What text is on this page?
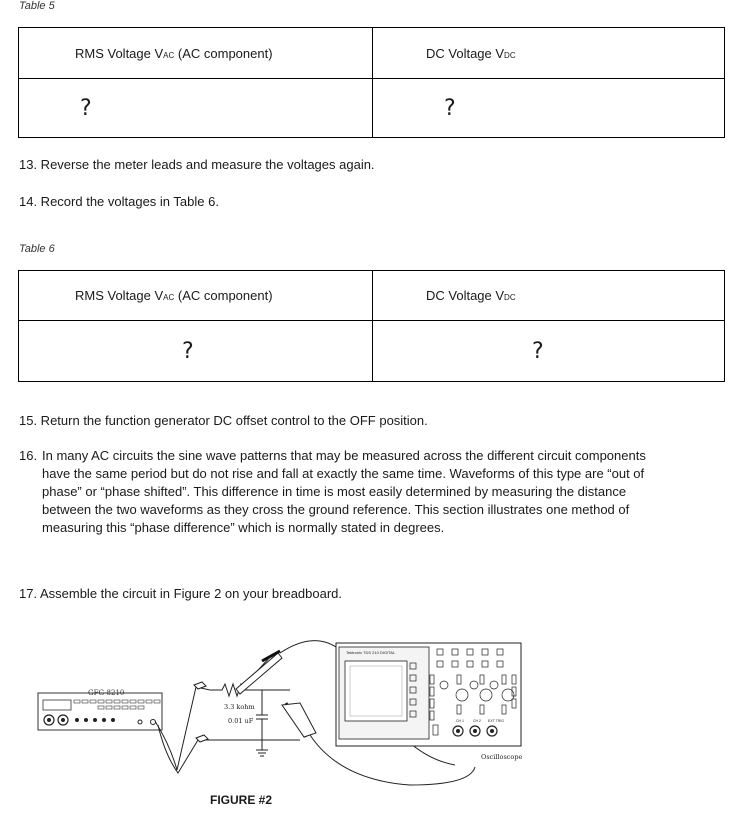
Table 5
RMS Voltage VAC (AC component)	DC Voltage VDC
?	?
13. Reverse the meter leads and measure the voltages again.
14. Record the voltages in Table 6.
Table 6
RMS Voltage VAC (AC component)	DC Voltage VDC
?	?
15. Return the function generator DC offset control to the OFF position.
16. In many AC circuits the sine wave patterns that may be measured across the different circuit components have the same period but do not rise and fall at exactly the same time. Waveforms of this type are “out of phase” or “phase shifted”. This difference in time is most easily determined by measuring the distance between the two waveforms as they cross the ground reference. This section illustrates one method of measuring this “phase difference” which is normally stated in degrees.
17. Assemble the circuit in Figure 2 on your breadboard.
GFG-8210
3.3 kohm
0.01 uF
Tektronix TDS 210 DIGITAL
CH 1	CH 2 EXT TRIG
Oscilloscope
FIGURE #2
